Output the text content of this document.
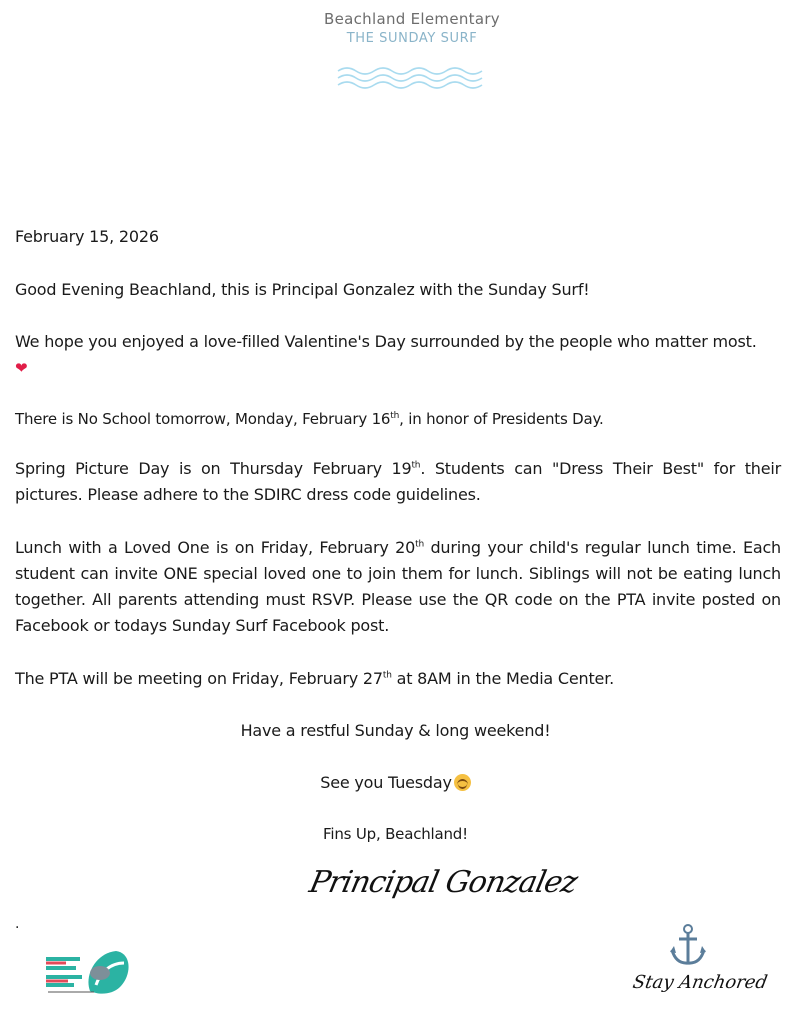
Beachland Elementary
THE SUNDAY SURF
February 15, 2026
Good Evening Beachland, this is Principal Gonzalez with the Sunday Surf!
We hope you enjoyed a love-filled Valentine's Day surrounded by the people who matter most.
❤
There is No School tomorrow, Monday, February 16th, in honor of Presidents Day.
Spring Picture Day is on Thursday February 19th. Students can "Dress Their Best" for their pictures. Please adhere to the SDIRC dress code guidelines.
Lunch with a Loved One is on Friday, February 20th during your child's regular lunch time. Each student can invite ONE special loved one to join them for lunch. Siblings will not be eating lunch together. All parents attending must RSVP. Please use the QR code on the PTA invite posted on Facebook or todays Sunday Surf Facebook post.
The PTA will be meeting on Friday, February 27th at 8AM in the Media Center.
Have a restful Sunday & long weekend!
See you Tuesday
Fins Up, Beachland!
Principal Gonzalez
.
Stay Anchored
